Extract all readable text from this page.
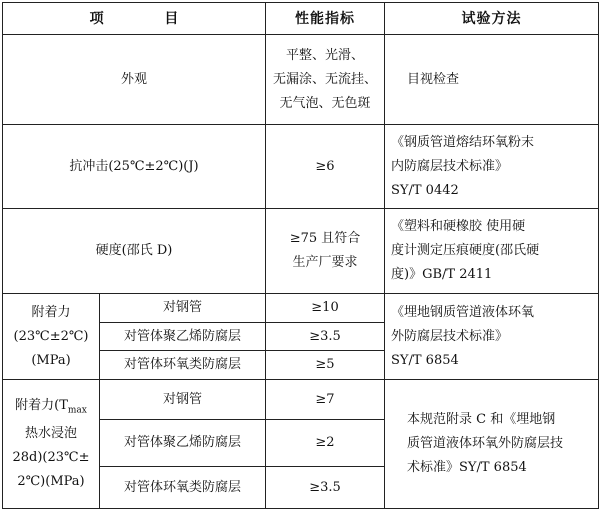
项 目		性能指标	试验方法
外观		平整、光滑、
无漏涂、无流挂、
无气泡、无色斑	目视检查
抗冲击(25℃±2℃)(J)		≥6	《钢质管道熔结环氧粉末
内防腐层技术标准》
SY/T 0442

硬度(邵氏 D)		≥75 且符合
生产厂要求	《塑料和硬橡胶 使用硬
度计测定压痕硬度(邵氏硬
度)》GB/T 2411

附着力
(23℃±2℃)
(MPa)	对钢管	≥10	《埋地钢质管道液体环氧
外防腐层技术标准》
SY/T 6854

	对管体聚乙烯防腐层	≥3.5	
	对管体环氧类防腐层	≥5	

附着力($T_{max}$
热水浸泡
28d)(23℃±
2℃)(MPa)	对钢管	≥7	本规范附录 C 和《埋地钢
质管道液体环氧外防腐层技
术标准》SY/T 6854

	对管体聚乙烯防腐层	≥2	
	对管体环氧类防腐层	≥3.5	
